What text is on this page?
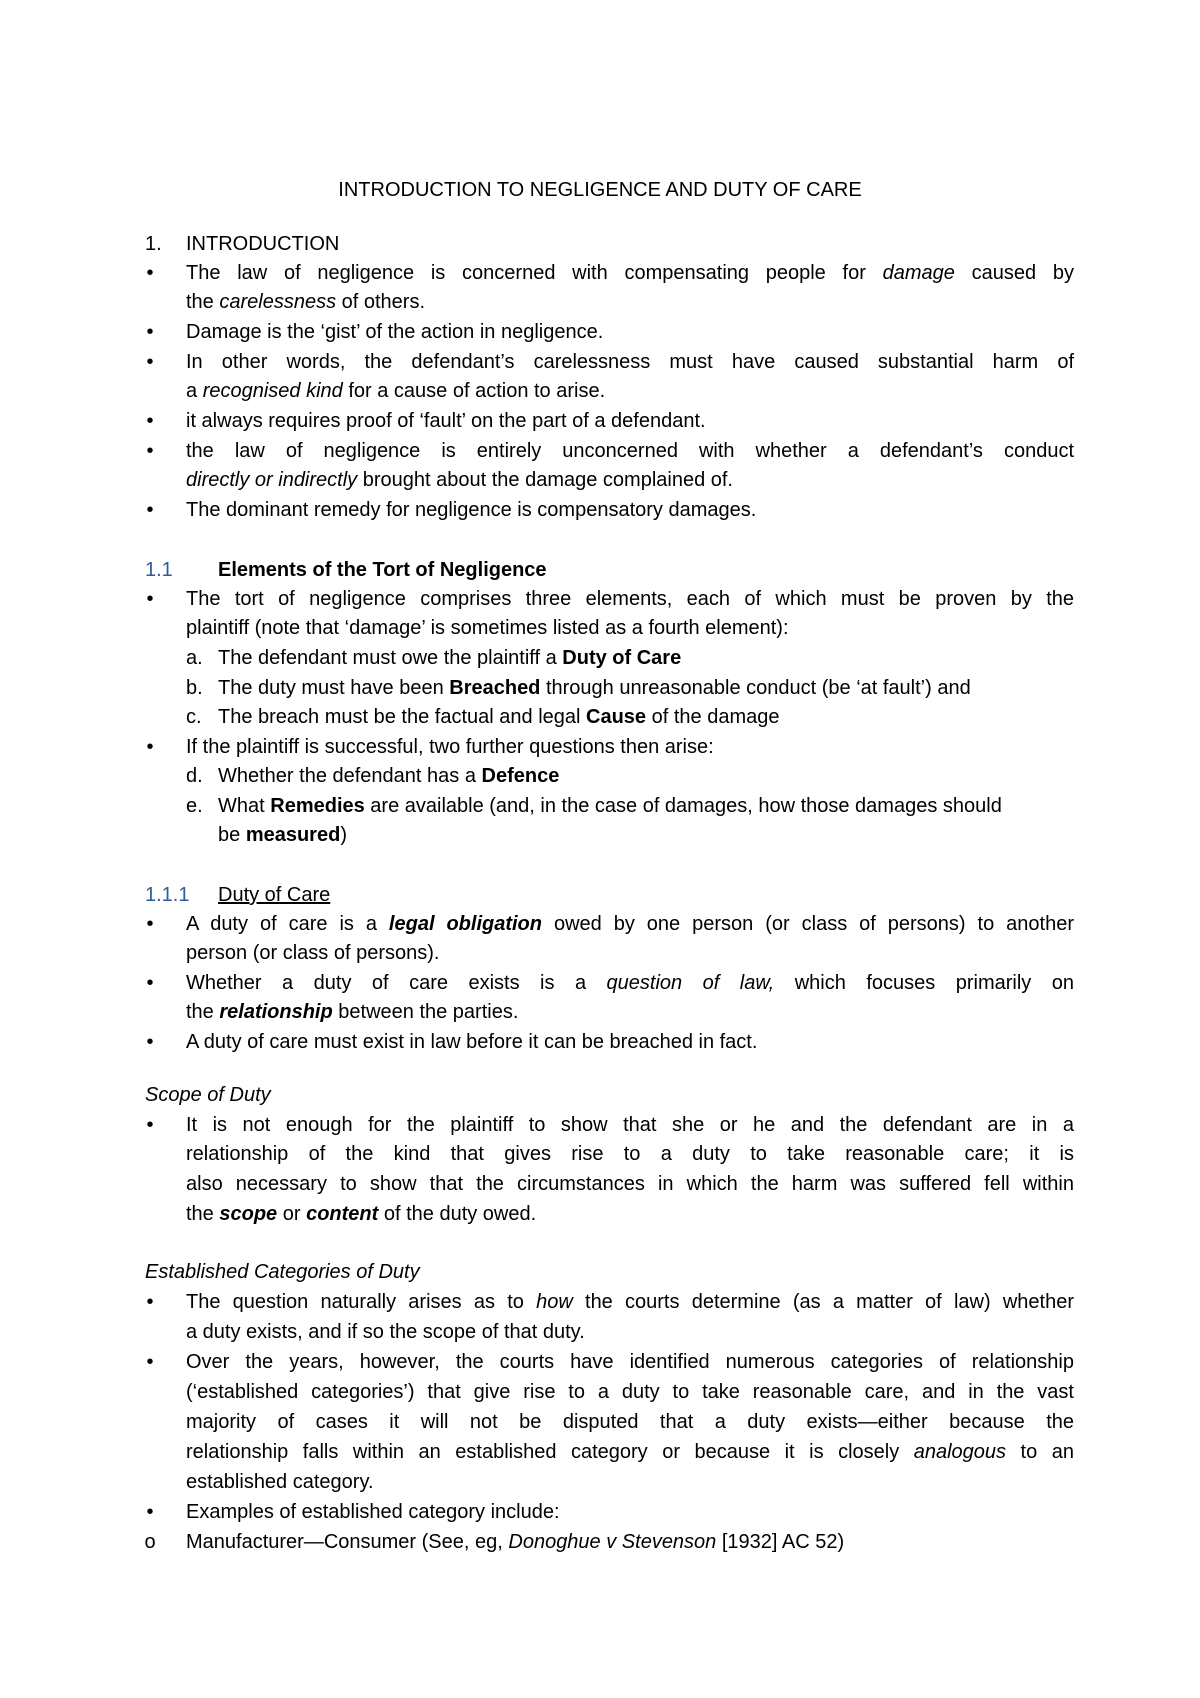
INTRODUCTION TO NEGLIGENCE AND DUTY OF CARE
1. INTRODUCTION
•	The law of negligence is concerned with compensating people for damage caused by
the carelessness of others.
•	Damage is the ‘gist’ of the action in negligence.
•	In other words, the defendant’s carelessness must have caused substantial harm of
a recognised kind for a cause of action to arise.
•	it always requires proof of ‘fault’ on the part of a defendant.
•	the law of negligence is entirely unconcerned with whether a defendant’s conduct
directly or indirectly brought about the damage complained of.
•	The dominant remedy for negligence is compensatory damages.
1.1 Elements of the Tort of Negligence
•	The tort of negligence comprises three elements, each of which must be proven by the
plaintiff (note that ‘damage’ is sometimes listed as a fourth element):
a. The defendant must owe the plaintiff a Duty of Care
b. The duty must have been Breached through unreasonable conduct (be ‘at fault’) and
c. The breach must be the factual and legal Cause of the damage
•	If the plaintiff is successful, two further questions then arise:
d. Whether the defendant has a Defence
e. What Remedies are available (and, in the case of damages, how those damages should
be measured)
1.1.1 Duty of Care
•	A duty of care is a legal obligation owed by one person (or class of persons) to another
person (or class of persons).
•	Whether a duty of care exists is a question of law, which focuses primarily on
the relationship between the parties.
•	A duty of care must exist in law before it can be breached in fact.
Scope of Duty
•	It is not enough for the plaintiff to show that she or he and the defendant are in a
relationship of the kind that gives rise to a duty to take reasonable care; it is
also necessary to show that the circumstances in which the harm was suffered fell within
the scope or content of the duty owed.
Established Categories of Duty
•	The question naturally arises as to how the courts determine (as a matter of law) whether
a duty exists, and if so the scope of that duty.
•	Over the years, however, the courts have identified numerous categories of relationship
(‘established categories’) that give rise to a duty to take reasonable care, and in the vast
majority of cases it will not be disputed that a duty exists—either because the
relationship falls within an established category or because it is closely analogous to an
established category.
•	Examples of established category include:
o Manufacturer—Consumer (See, eg, Donoghue v Stevenson [1932] AC 52)
